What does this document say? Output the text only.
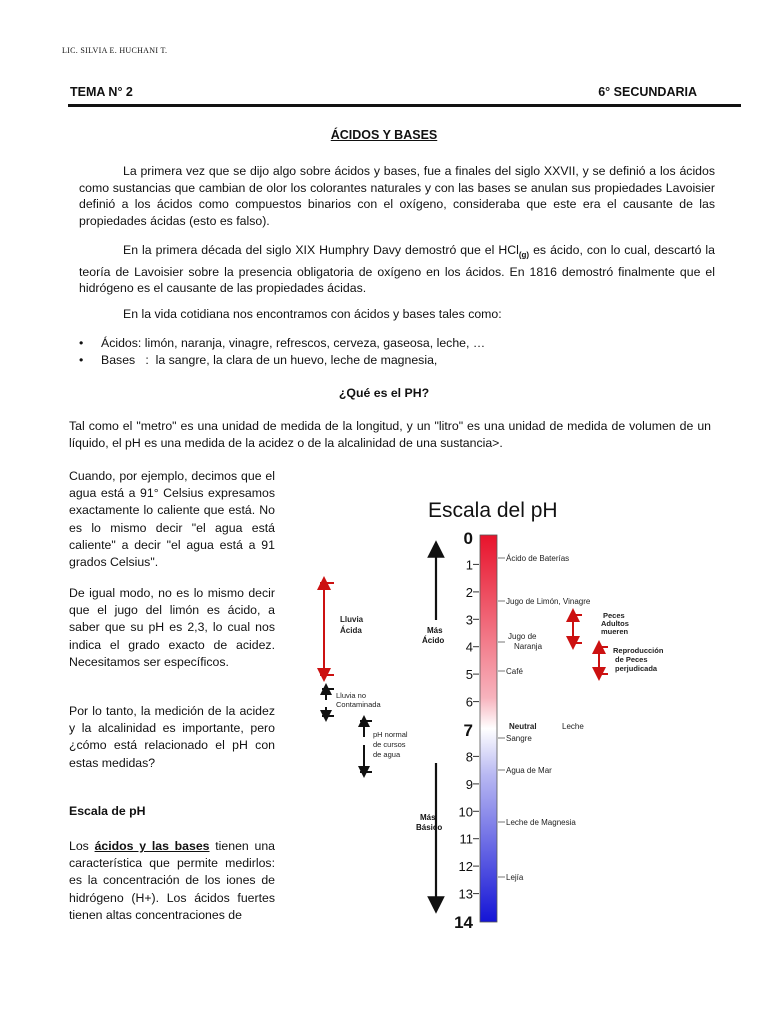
LIC. SILVIA E. HUCHANI T.
TEMA N° 2	6° SECUNDARIA
ÁCIDOS Y BASES
La primera vez que se dijo algo sobre ácidos y bases, fue a finales del siglo XXVII, y se definió a los ácidos como sustancias que cambian de olor los colorantes naturales y con las bases se anulan sus propiedades Lavoisier definió a los ácidos como compuestos binarios con el oxígeno, consideraba que este era el causante de las propiedades ácidas (esto es falso).
En la primera década del siglo XIX Humphry Davy demostró que el HCl$_{(g)}$ es ácido, con lo cual, descartó la teoría de Lavoisier sobre la presencia obligatoria de oxígeno en los ácidos. En 1816 demostró finalmente que el hidrógeno es el causante de las propiedades ácidas.
En la vida cotidiana nos encontramos con ácidos y bases tales como:
• Ácidos: limón, naranja, vinagre, refrescos, cerveza, gaseosa, leche, …
• Bases   :  la sangre, la clara de un huevo, leche de magnesia,
¿Qué es el PH?
Tal como el "metro" es una unidad de medida de la longitud, y un "litro" es una unidad de medida de volumen de un líquido, el pH es una medida de la acidez o de la alcalinidad de una sustancia>.
Cuando, por ejemplo, decimos que el agua está a 91° Celsius expresamos exactamente lo caliente que está. No es lo mismo decir "el agua está caliente" a decir "el agua está a 91 grados Celsius".
De igual modo, no es lo mismo decir que el jugo del limón es ácido, a saber que su pH es 2,3, lo cual nos indica el grado exacto de acidez. Necesitamos ser específicos.
Por lo tanto, la medición de la acidez y la alcalinidad es importante, pero ¿cómo está relacionado el pH con estas medidas?
Escala de pH
Los ácidos y las bases tienen una característica que permite medirlos: es la concentración de los iones de hidrógeno (H+). Los ácidos fuertes tienen altas concentraciones de
Escala del pH
0
1
2
3
4
5
6
7
8
9
10
11
12
13
14
Más
Ácido
Más
Básico
Ácido de Baterías
Jugo de Limón, Vinagre
Jugo de
Naranja
Café
Neutral	Leche
Sangre
Agua de Mar
Leche de Magnesia
Lejía
Peces
Adultos
mueren
Reproducción
de Peces
perjudicada
Lluvia
Ácida
Lluvia no
Contaminada
pH normal
de cursos
de agua
